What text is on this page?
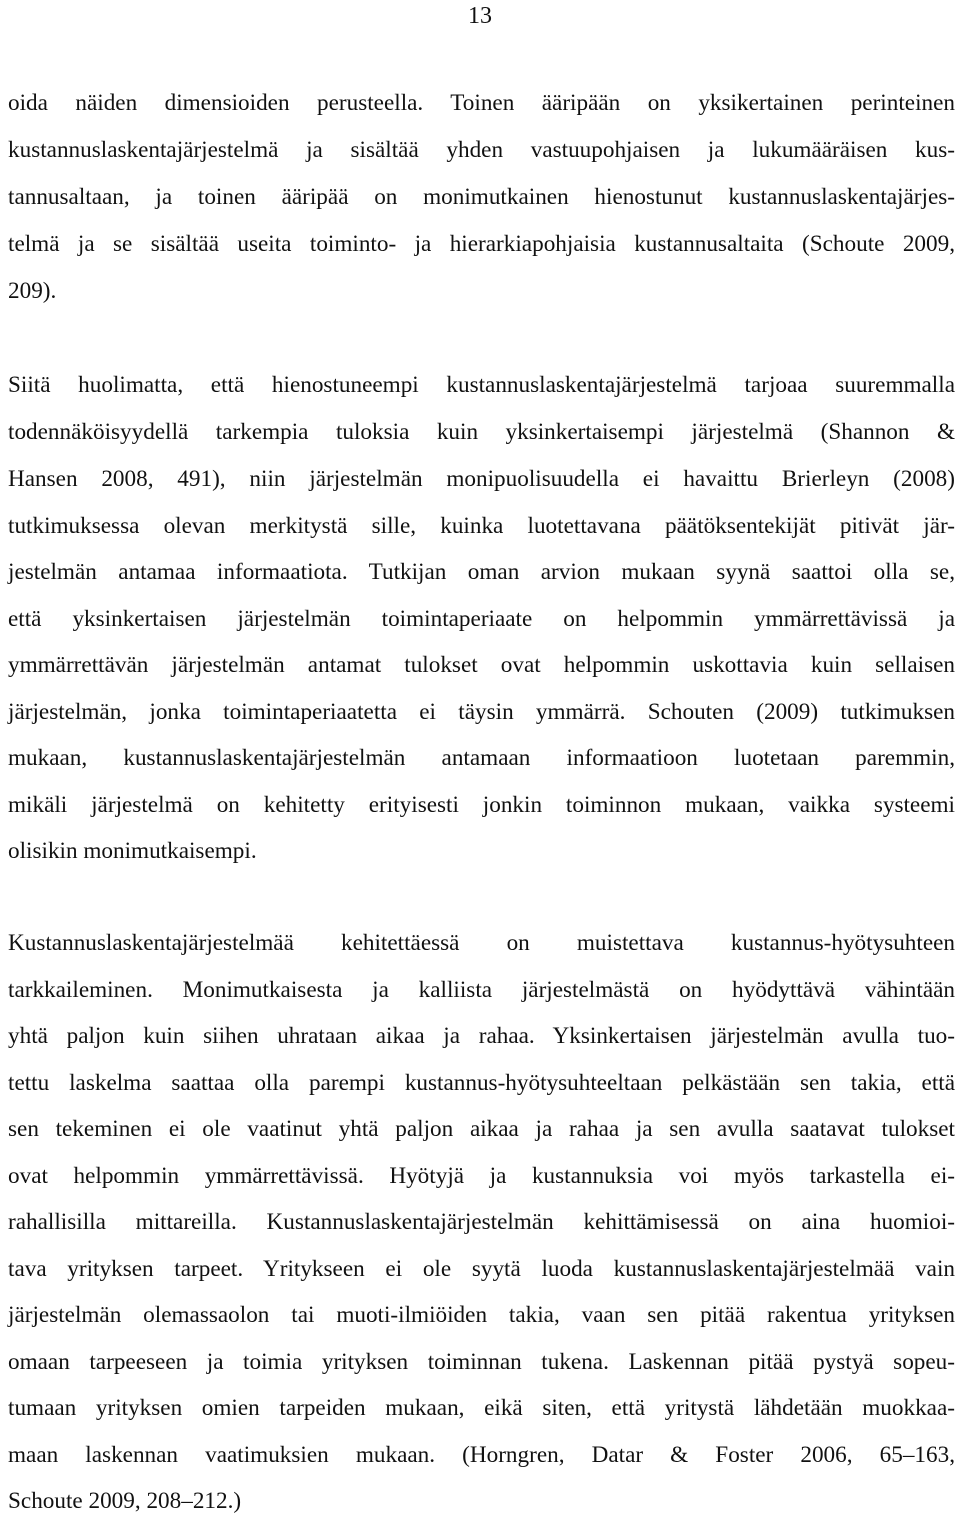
13
oida näiden dimensioiden perusteella. Toinen ääripään on yksikertainen perinteinen
kustannuslaskentajärjestelmä ja sisältää yhden vastuupohjaisen ja lukumääräisen kus-
tannusaltaan, ja toinen ääripää on monimutkainen hienostunut kustannuslaskentajärjes-
telmä ja se sisältää useita toiminto- ja hierarkiapohjaisia kustannusaltaita (Schoute 2009,
209).
Siitä huolimatta, että hienostuneempi kustannuslaskentajärjestelmä tarjoaa suuremmalla
todennäköisyydellä tarkempia tuloksia kuin yksinkertaisempi järjestelmä (Shannon &
Hansen 2008, 491), niin järjestelmän monipuolisuudella ei havaittu Brierleyn (2008)
tutkimuksessa olevan merkitystä sille, kuinka luotettavana päätöksentekijät pitivät jär-
jestelmän antamaa informaatiota. Tutkijan oman arvion mukaan syynä saattoi olla se,
että yksinkertaisen järjestelmän toimintaperiaate on helpommin ymmärrettävissä ja
ymmärrettävän järjestelmän antamat tulokset ovat helpommin uskottavia kuin sellaisen
järjestelmän, jonka toimintaperiaatetta ei täysin ymmärrä. Schouten (2009) tutkimuksen
mukaan, kustannuslaskentajärjestelmän antamaan informaatioon luotetaan paremmin,
mikäli järjestelmä on kehitetty erityisesti jonkin toiminnon mukaan, vaikka systeemi
olisikin monimutkaisempi.
Kustannuslaskentajärjestelmää kehitettäessä on muistettava kustannus-hyötysuhteen
tarkkaileminen. Monimutkaisesta ja kalliista järjestelmästä on hyödyttävä vähintään
yhtä paljon kuin siihen uhrataan aikaa ja rahaa. Yksinkertaisen järjestelmän avulla tuo-
tettu laskelma saattaa olla parempi kustannus-hyötysuhteeltaan pelkästään sen takia, että
sen tekeminen ei ole vaatinut yhtä paljon aikaa ja rahaa ja sen avulla saatavat tulokset
ovat helpommin ymmärrettävissä. Hyötyjä ja kustannuksia voi myös tarkastella ei-
rahallisilla mittareilla. Kustannuslaskentajärjestelmän kehittämisessä on aina huomioi-
tava yrityksen tarpeet. Yritykseen ei ole syytä luoda kustannuslaskentajärjestelmää vain
järjestelmän olemassaolon tai muoti-ilmiöiden takia, vaan sen pitää rakentua yrityksen
omaan tarpeeseen ja toimia yrityksen toiminnan tukena. Laskennan pitää pystyä sopeu-
tumaan yrityksen omien tarpeiden mukaan, eikä siten, että yritystä lähdetään muokkaa-
maan laskennan vaatimuksien mukaan. (Horngren, Datar & Foster 2006, 65–163,
Schoute 2009, 208–212.)
